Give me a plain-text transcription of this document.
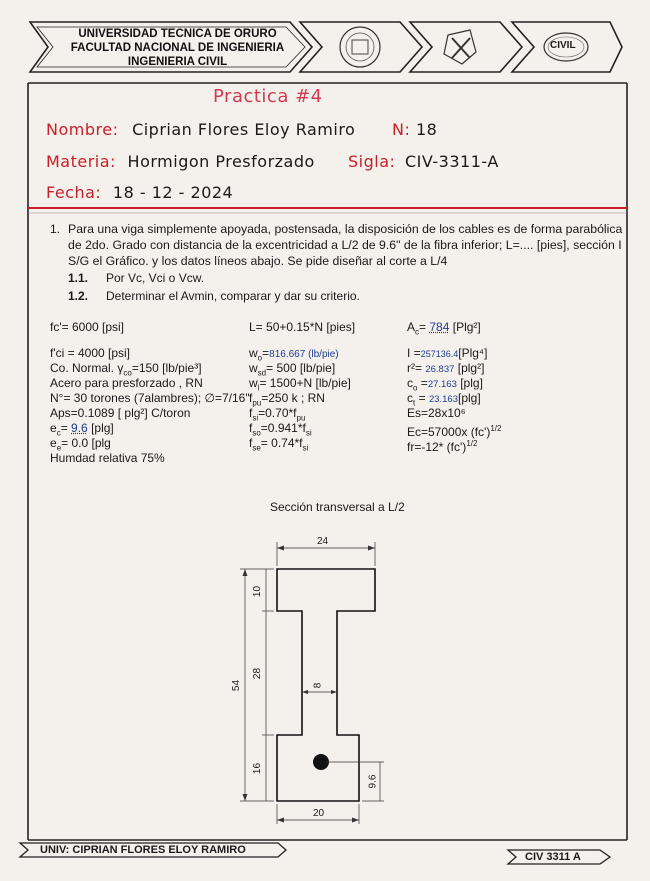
UNIVERSIDAD TECNICA DE ORURO
FACULTAD NACIONAL DE INGENIERIA
INGENIERIA CIVIL
CIVIL
Practica #4
Nombre: Ciprian Flores Eloy Ramiro N: 18
Materia: Hormigon Presforzado Sigla: CIV-3311-A
Fecha: 18 - 12 - 2024
1. Para una viga simplemente apoyada, postensada, la disposición de los cables es de forma parabólica
de 2do. Grado con distancia de la excentricidad a L/2 de 9.6" de la fibra inferior; L=.... [pies], sección I
S/G el Gráfico. y los datos líneos abajo. Se pide diseñar al corte a L/4
1.1. Por Vc, Vci o Vcw.
1.2. Determinar el Avmin, comparar y dar su criterio.
fc'= 6000 [psi]
f'ci = 4000 [psi]
Co. Normal. $\gamma_{co}=150$ [lb/pie³]
Acero para presforzado , RN
N°= 30 torones (7alambres); ∅=7/16"
Aps=0.1089 [ plg²] C/toron
$e_c= 9.6$ [plg]
$e_e= 0.0$ [plg
Humdad relativa 75%
L= 50+0.15*N [pies]
$w_o=816.667$ (lb/pie)
$w_{sd}= 500$ [lb/pie]
$w_l= 1500+N$ [lb/pie]
$f_{pu}=250$ k ; RN
$f_{si}=0.70*f_{pu}$
$f_{so}=0.941*f_{si}$
$f_{se}= 0.74*f_{si}$
$A_c= 784$ [Plg²]
I =257136.4[Plg⁴]
r²= 26.837 [plg²]
$c_o =27.163$ [plg]
$c_t = 23.163[plg]$
Es=28x10⁶
Ec=57000x $(fc')^{1/2}$
fr=-12* $(fc')^{1/2}$
Sección transversal a L/2
24
10
28
54	8
16
9.6
20
UNIV: CIPRIAN FLORES ELOY RAMIRO
CIV 3311 A
